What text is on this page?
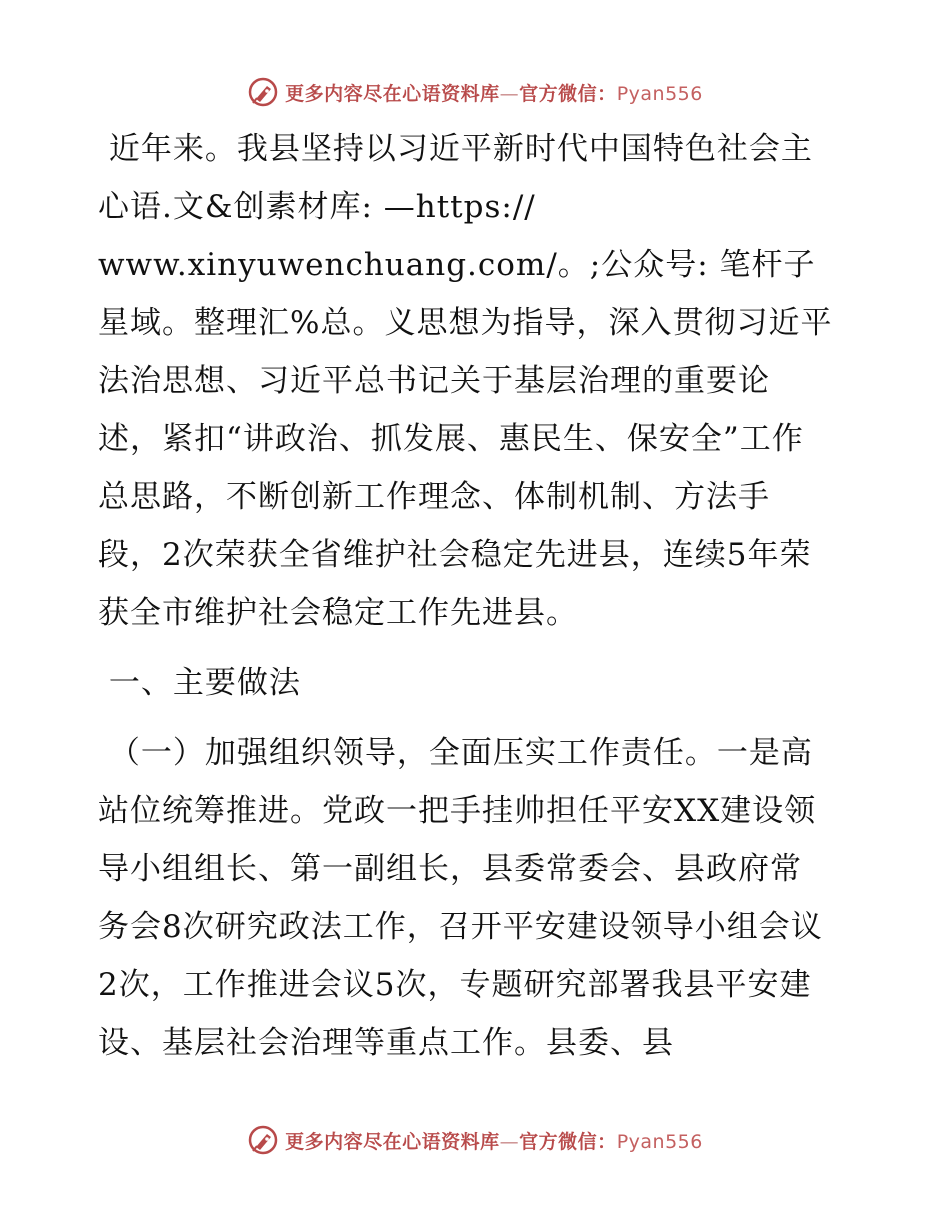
更多内容尽在心语资料库—官方微信：Pyan556

近年来。我县坚持以习近平新时代中国特色社会主心语.文&创素材库: —https://
www.xinyuwenchuang.com/。;公众号: 笔杆子星域。整理汇%总。义思想为指导，深入贯彻习近平法治思想、习近平总书记关于基层治理的重要论述，紧扣“讲政治、抓发展、惠民生、保安全”工作总思路，不断创新工作理念、体制机制、方法手段，2次荣获全省维护社会稳定先进县，连续5年荣获全市维护社会稳定工作先进县。

一、主要做法

（一）加强组织领导，全面压实工作责任。一是高站位统筹推进。党政一把手挂帅担任平安XX建设领导小组组长、第一副组长，县委常委会、县政府常务会8次研究政法工作，召开平安建设领导小组会议2次，工作推进会议5次，专题研究部署我县平安建设、基层社会治理等重点工作。县委、县

更多内容尽在心语资料库—官方微信：Pyan556
